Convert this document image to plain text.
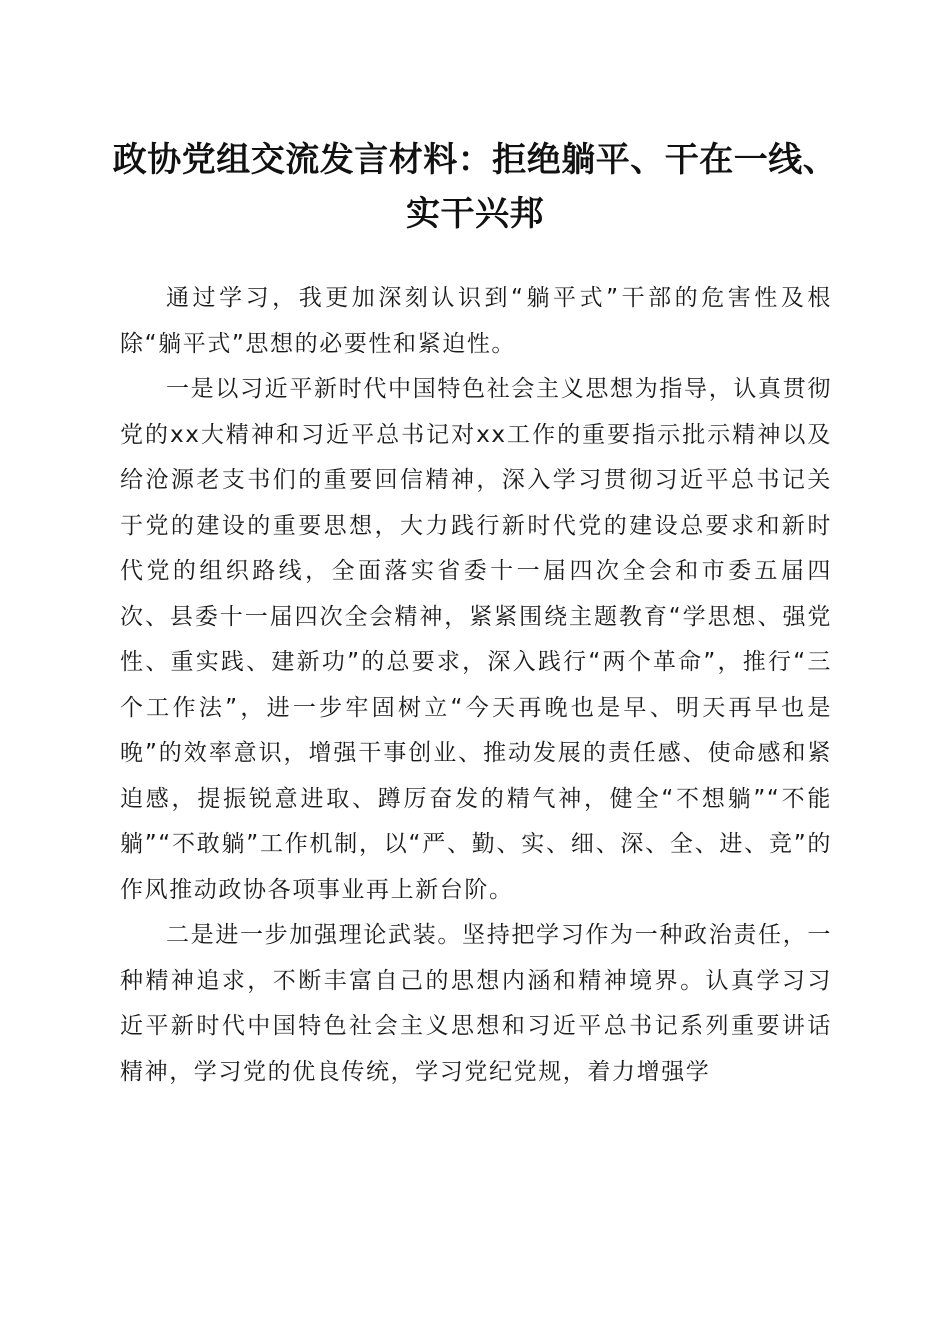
政协党组交流发言材料：拒绝躺平、干在一线、
实干兴邦

通过学习，我更加深刻认识到“躺平式”干部的危害性及根除“躺平式”思想的必要性和紧迫性。

一是以习近平新时代中国特色社会主义思想为指导，认真贯彻党的xx大精神和习近平总书记对xx工作的重要指示批示精神以及给沧源老支书们的重要回信精神，深入学习贯彻习近平总书记关于党的建设的重要思想，大力践行新时代党的建设总要求和新时代党的组织路线，全面落实省委十一届四次全会和市委五届四次、县委十一届四次全会精神，紧紧围绕主题教育“学思想、强党性、重实践、建新功”的总要求，深入践行“两个革命”，推行“三个工作法”，进一步牢固树立“今天再晚也是早、明天再早也是晚”的效率意识，增强干事创业、推动发展的责任感、使命感和紧迫感，提振锐意进取、蹲厉奋发的精气神，健全“不想躺”“不能躺”“不敢躺”工作机制，以“严、勤、实、细、深、全、进、竞”的作风推动政协各项事业再上新台阶。

二是进一步加强理论武装。坚持把学习作为一种政治责任，一种精神追求，不断丰富自己的思想内涵和精神境界。认真学习习近平新时代中国特色社会主义思想和习近平总书记系列重要讲话精神，学习党的优良传统，学习党纪党规，着力增强学
